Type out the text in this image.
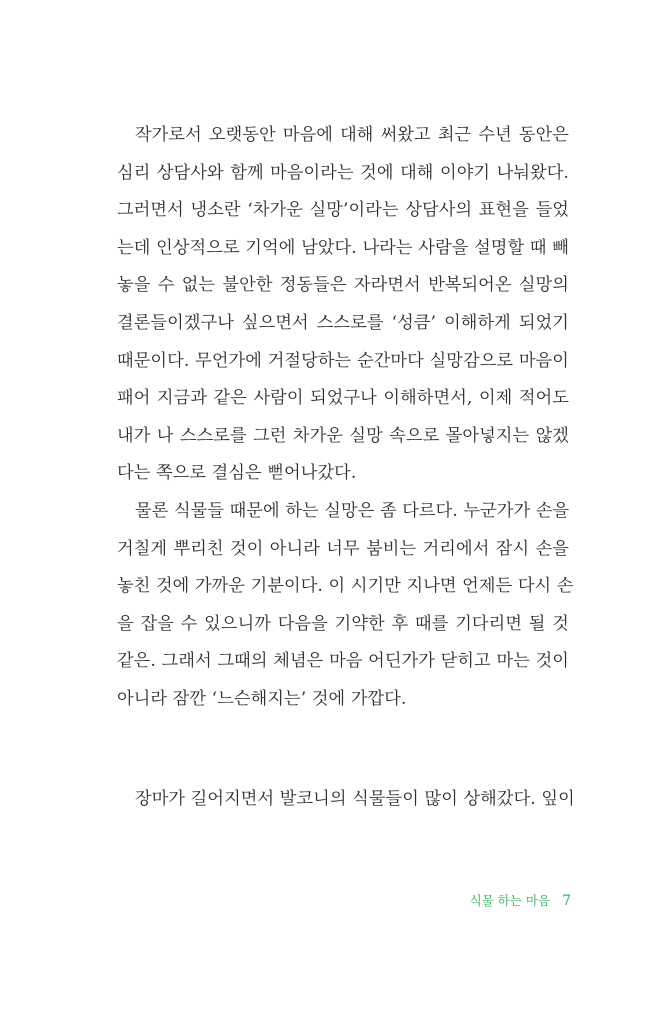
작가로서 오랫동안 마음에 대해 써왔고 최근 수년 동안은
심리 상담사와 함께 마음이라는 것에 대해 이야기 나눠왔다.
그러면서 냉소란 ‘차가운 실망’이라는 상담사의 표현을 들었
는데 인상적으로 기억에 남았다. 나라는 사람을 설명할 때 빼
놓을 수 없는 불안한 정동들은 자라면서 반복되어온 실망의
결론들이겠구나 싶으면서 스스로를 ‘성큼’ 이해하게 되었기
때문이다. 무언가에 거절당하는 순간마다 실망감으로 마음이
패어 지금과 같은 사람이 되었구나 이해하면서, 이제 적어도
내가 나 스스로를 그런 차가운 실망 속으로 몰아넣지는 않겠
다는 쪽으로 결심은 뻗어나갔다.
물론 식물들 때문에 하는 실망은 좀 다르다. 누군가가 손을
거칠게 뿌리친 것이 아니라 너무 붐비는 거리에서 잠시 손을
놓친 것에 가까운 기분이다. 이 시기만 지나면 언제든 다시 손
을 잡을 수 있으니까 다음을 기약한 후 때를 기다리면 될 것
같은. 그래서 그때의 체념은 마음 어딘가가 닫히고 마는 것이
아니라 잠깐 ‘느슨해지는’ 것에 가깝다.
장마가 길어지면서 발코니의 식물들이 많이 상해갔다. 잎이
식물 하는 마음 7
